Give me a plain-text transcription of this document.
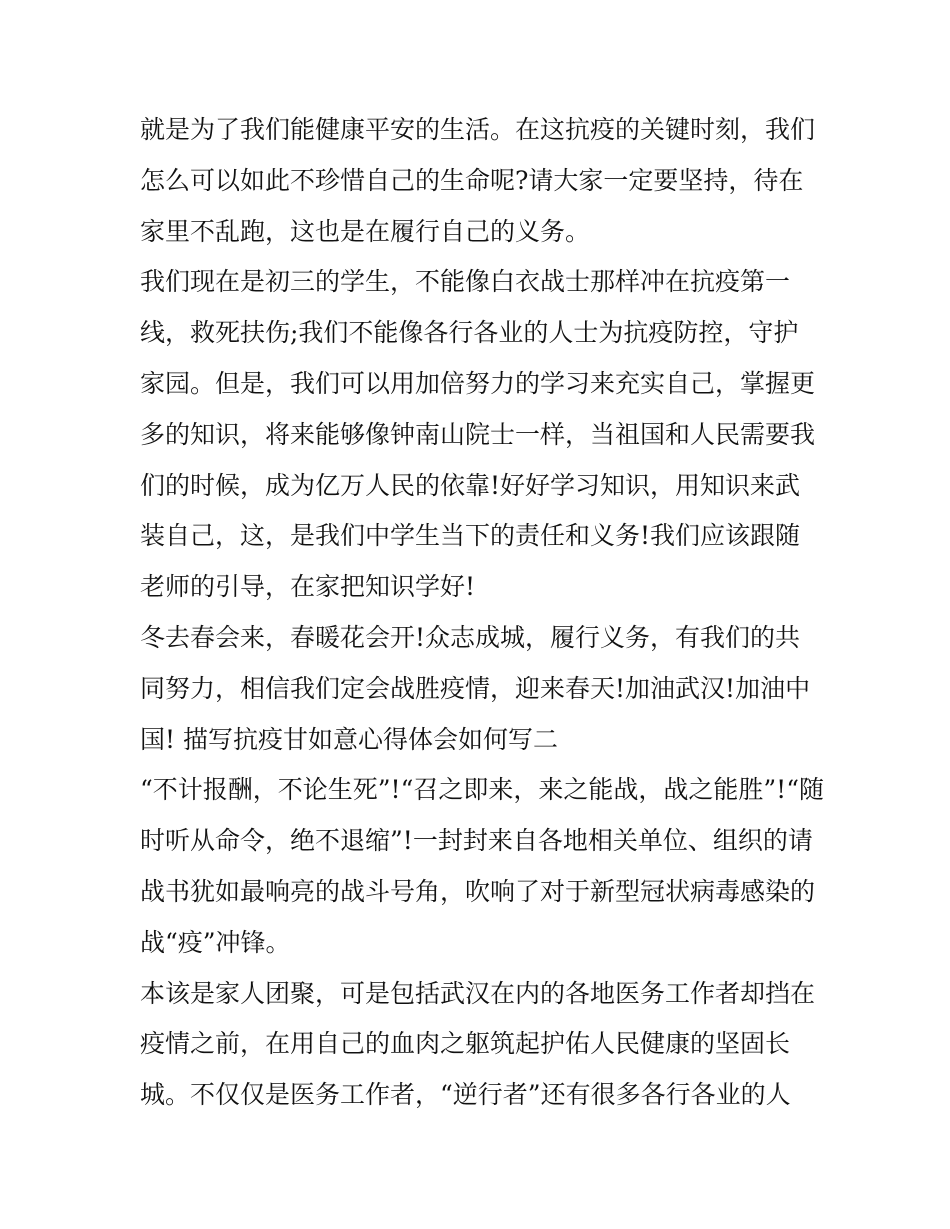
就是为了我们能健康平安的生活。在这抗疫的关键时刻，我们
怎么可以如此不珍惜自己的生命呢?请大家一定要坚持，待在
家里不乱跑，这也是在履行自己的义务。

我们现在是初三的学生，不能像白衣战士那样冲在抗疫第一
线，救死扶伤;我们不能像各行各业的人士为抗疫防控，守护
家园。但是，我们可以用加倍努力的学习来充实自己，掌握更
多的知识，将来能够像钟南山院士一样，当祖国和人民需要我
们的时候，成为亿万人民的依靠!好好学习知识，用知识来武
装自己，这，是我们中学生当下的责任和义务!我们应该跟随
老师的引导，在家把知识学好!

冬去春会来，春暖花会开!众志成城，履行义务，有我们的共
同努力，相信我们定会战胜疫情，迎来春天!加油武汉!加油中
国! 描写抗疫甘如意心得体会如何写二

“不计报酬，不论生死”!“召之即来，来之能战，战之能胜”!“随
时听从命令，绝不退缩”!一封封来自各地相关单位、组织的请
战书犹如最响亮的战斗号角，吹响了对于新型冠状病毒感染的
战“疫”冲锋。

本该是家人团聚，可是包括武汉在内的各地医务工作者却挡在
疫情之前，在用自己的血肉之躯筑起护佑人民健康的坚固长
城。不仅仅是医务工作者，“逆行者”还有很多各行各业的人
